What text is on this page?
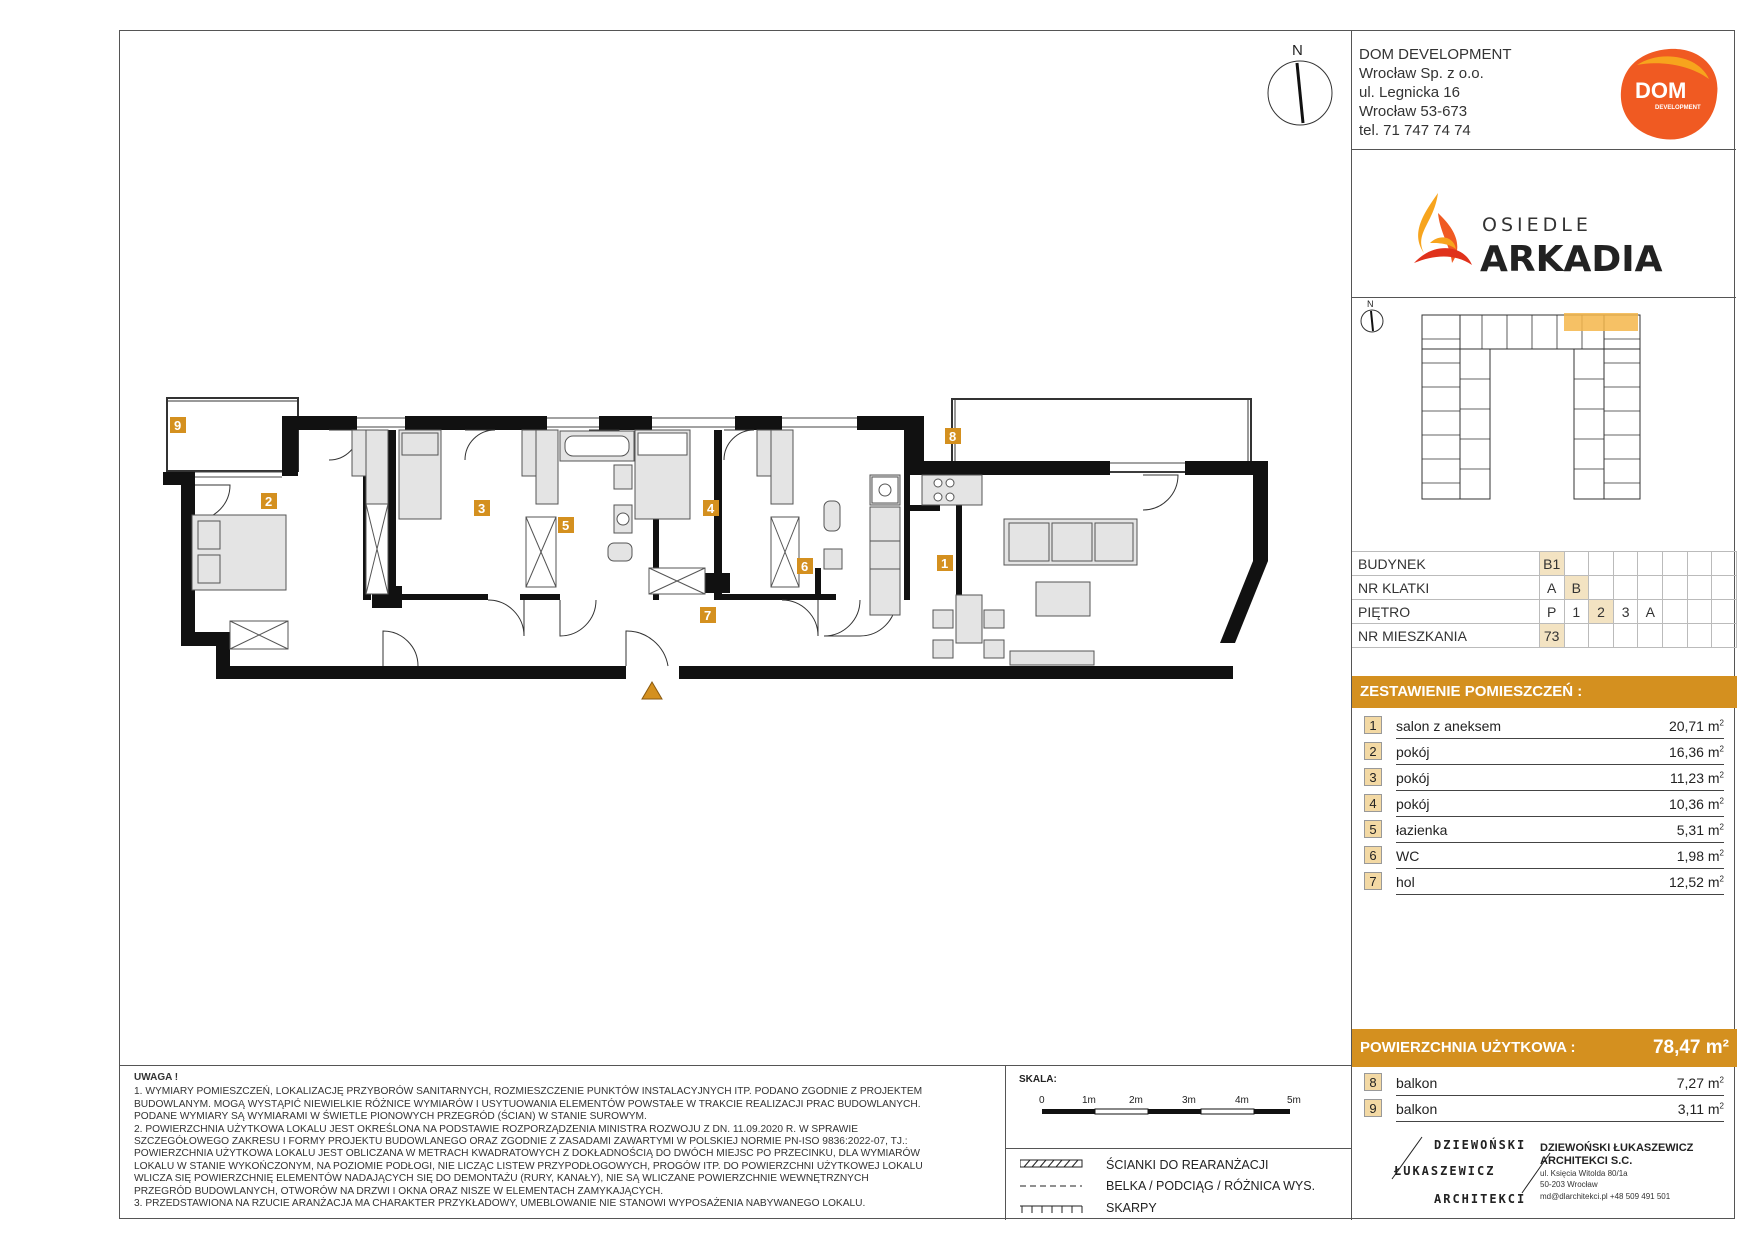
N
9
2	3
5
4
6
7
8
1
DOM DEVELOPMENT
Wrocław Sp. z o.o.
ul. Legnicka 16
Wrocław 53-673
tel. 71 747 74 74
DOM
DEVELOPMENT
OSIEDLE
ARKADIA
N
BUDYNEK	B1							
NR KLATKI	A	B						
PIĘTRO	P	1	2	3	A			
NR MIESZKANIA	73							
ZESTAWIENIE POMIESZCZEŃ :
1	salon z aneksem	20,71 $m^2$
2	pokój	16,36 $m^2$
3	pokój	11,23 $m^2$
4	pokój	10,36 $m^2$
5	łazienka	5,31 $m^2$
6	WC	1,98 $m^2$
7	hol	12,52 $m^2$
POWIERZCHNIA UŻYTKOWA :	78,47 m²
8	balkon	7,27 $m^2$
9	balkon	3,11 $m^2$
DZIEWOŃSKI
ŁUKASZEWICZ
ARCHITEKCI
DZIEWOŃSKI ŁUKASZEWICZ
ARCHITEKCI S.C.
ul. Księcia Witolda 80/1a
50-203 Wrocław
md@dlarchitekci.pl +48 509 491 501
UWAGA !
1. WYMIARY POMIESZCZEŃ, LOKALIZACJĘ PRZYBORÓW SANITARNYCH, ROZMIESZCZENIE PUNKTÓW INSTALACYJNYCH ITP. PODANO ZGODNIE Z PROJEKTEM
BUDOWLANYM. MOGĄ WYSTĄPIĆ NIEWIELKIE RÓŻNICE WYMIARÓW I USYTUOWANIA ELEMENTÓW POWSTAŁE W TRAKCIE REALIZACJI PRAC BUDOWLANYCH.
PODANE WYMIARY SĄ WYMIARAMI W ŚWIETLE PIONOWYCH PRZEGRÓD (ŚCIAN) W STANIE SUROWYM.
2. POWIERZCHNIA UŻYTKOWA LOKALU JEST OKREŚLONA NA PODSTAWIE ROZPORZĄDZENIA MINISTRA ROZWOJU Z DN. 11.09.2020 R. W SPRAWIE
SZCZEGÓŁOWEGO ZAKRESU I FORMY PROJEKTU BUDOWLANEGO ORAZ ZGODNIE Z ZASADAMI ZAWARTYMI W POLSKIEJ NORMIE PN-ISO 9836:2022-07, TJ.:
POWIERZCHNIA UŻYTKOWA LOKALU JEST OBLICZANA W METRACH KWADRATOWYCH Z DOKŁADNOŚCIĄ DO DWÓCH MIEJSC PO PRZECINKU, DLA WYMIARÓW
LOKALU W STANIE WYKOŃCZONYM, NA POZIOMIE PODŁOGI, NIE LICZĄC LISTEW PRZYPODŁOGOWYCH, PROGÓW ITP. DO POWIERZCHNI UŻYTKOWEJ LOKALU
WLICZA SIĘ POWIERZCHNIĘ ELEMENTÓW NADAJĄCYCH SIĘ DO DEMONTAŻU (RURY, KANAŁY), NIE SĄ WLICZANE POWIERZCHNIE WEWNĘTRZNYCH
PRZEGRÓD BUDOWLANYCH, OTWORÓW NA DRZWI I OKNA ORAZ NISZE W ELEMENTACH ZAMYKAJĄCYCH.
3. PRZEDSTAWIONA NA RZUCIE ARANŻACJA MA CHARAKTER PRZYKŁADOWY, UMEBLOWANIE NIE STANOWI WYPOSAŻENIA NABYWANEGO LOKALU.
SKALA:
0	1m	2m	3m	4m	5m
ŚCIANKI DO REARANŻACJI
BELKA / PODCIĄG / RÓŻNICA WYS.
SKARPY
